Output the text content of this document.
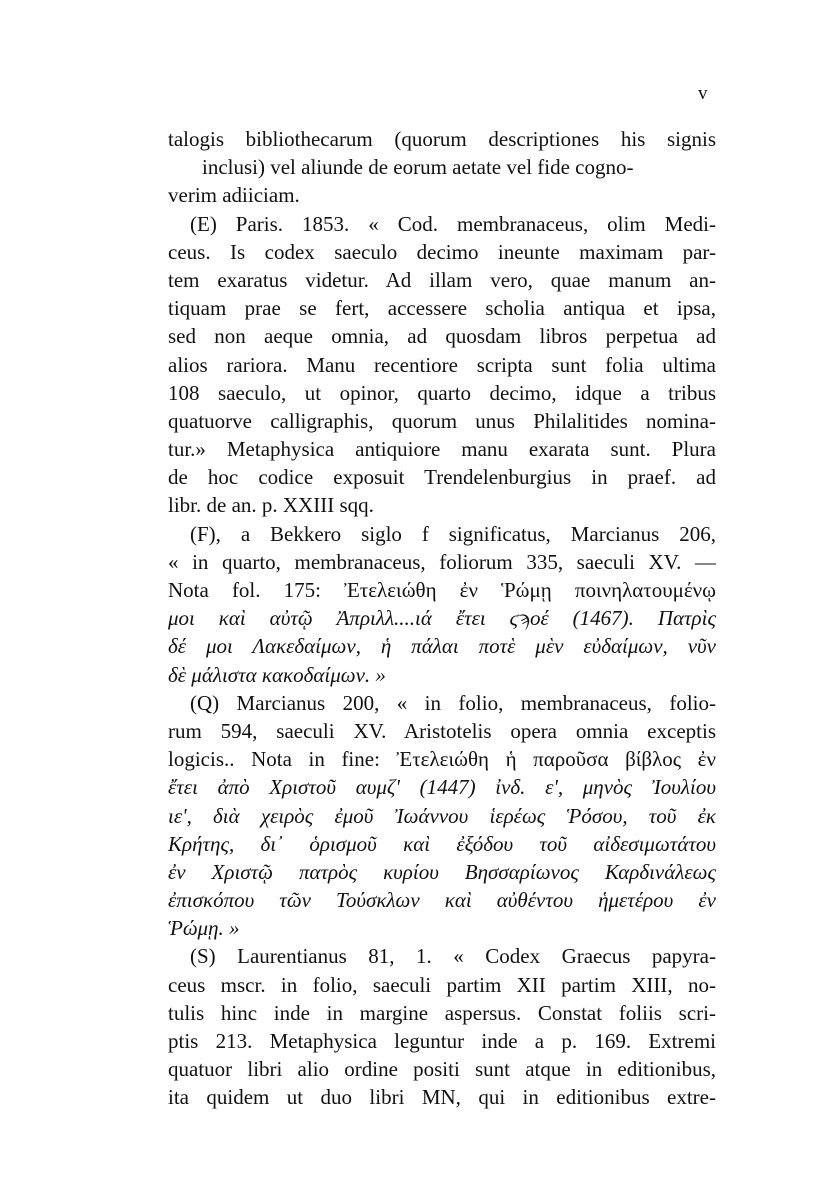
v
talogis bibliothecarum (quorum descriptiones his signis
inclusi) vel aliunde de eorum aetate vel fide cogno-
verim adiiciam.
(E) Paris. 1853. « Cod. membranaceus, olim Medi-
ceus. Is codex saeculo decimo ineunte maximam par-
tem exaratus videtur. Ad illam vero, quae manum an-
tiquam prae se fert, accessere scholia antiqua et ipsa,
sed non aeque omnia, ad quosdam libros perpetua ad
alios rariora. Manu recentiore scripta sunt folia ultima
108 saeculo, ut opinor, quarto decimo, idque a tribus
quatuorve calligraphis, quorum unus Philalitides nomina-
tur.» Metaphysica antiquiore manu exarata sunt. Plura
de hoc codice exposuit Trendelenburgius in praef. ad
libr. de an. p. XXIII sqq.
(F), a Bekkero siglo f significatus, Marcianus 206,
« in quarto, membranaceus, foliorum 335, saeculi XV. —
Nota fol. 175: Ἐτελειώθη ἐν Ῥώμῃ ποινηλατουμένῳ
μοι καὶ αὐτῷ Ἀπριλλ....ιά ἔτει ϛϡοέ (1467). Πατρὶς
δέ μοι Λακεδαίμων, ἡ πάλαι ποτὲ μὲν εὐδαίμων, νῦν
δὲ μάλιστα κακοδαίμων. »
(Q) Marcianus 200, « in folio, membranaceus, folio-
rum 594, saeculi XV. Aristotelis opera omnia exceptis
logicis.. Nota in fine: Ἐτελειώθη ἡ παροῦσα βίβλος ἐν
ἔτει ἀπὸ Χριστοῦ αυμζʹ (1447) ἰνδ. εʹ, μηνὸς Ἰουλίου
ιεʹ, διὰ χειρὸς ἐμοῦ Ἰωάννου ἱερέως Ῥόσου, τοῦ ἐκ
Κρήτης, δι᾿ ὁρισμοῦ καὶ ἐξόδου τοῦ αἰδεσιμωτάτου
ἐν Χριστῷ πατρὸς κυρίου Βησσαρίωνος Καρδινάλεως
ἐπισκόπου τῶν Τούσκλων καὶ αὐθέντου ἡμετέρου ἐν
Ῥώμῃ. »
(S) Laurentianus 81, 1. « Codex Graecus papyra-
ceus mscr. in folio, saeculi partim XII partim XIII, no-
tulis hinc inde in margine aspersus. Constat foliis scri-
ptis 213. Metaphysica leguntur inde a p. 169. Extremi
quatuor libri alio ordine positi sunt atque in editionibus,
ita quidem ut duo libri MN, qui in editionibus extre-
